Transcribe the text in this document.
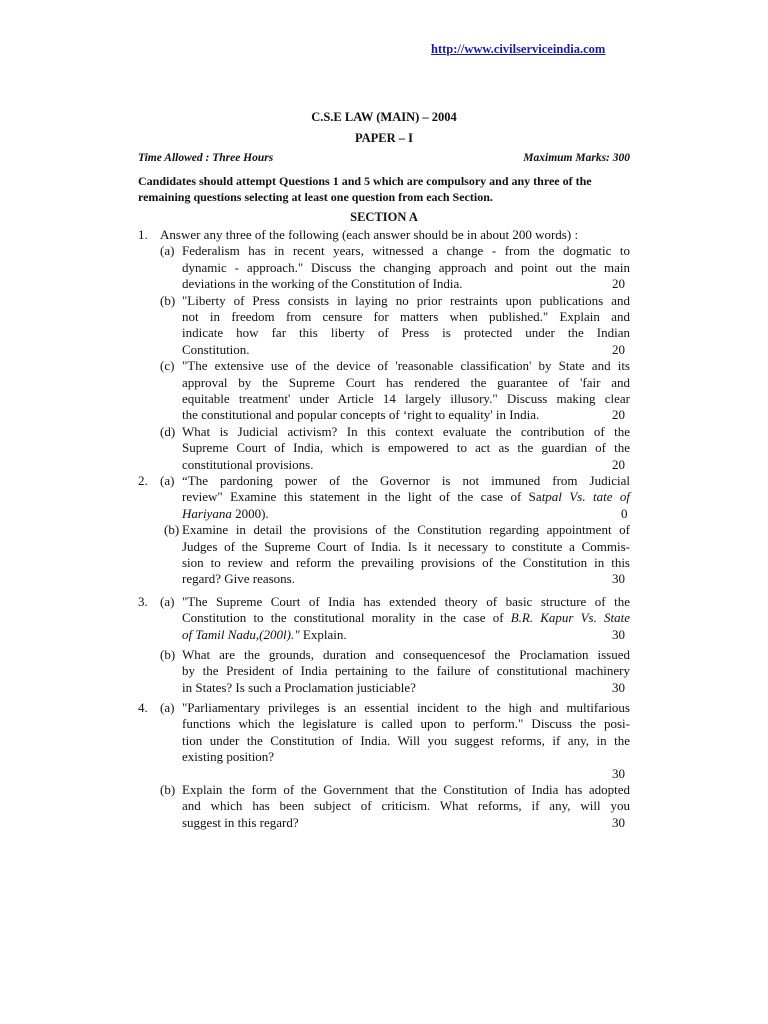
http://www.civilserviceindia.com
C.S.E LAW (MAIN) – 2004
PAPER – I
Time Allowed : Three Hours	Maximum Marks: 300
Candidates should attempt Questions 1 and 5 which are compulsory and any three of the remaining questions selecting at least one question from each Section.
SECTION A
1. Answer any three of the following (each answer should be in about 200 words) :
(a) Federalism has in recent years, witnessed a change - from the dogmatic to
dynamic - approach." Discuss the changing approach and point out the main
deviations in the working of the Constitution of India.	20
(b) "Liberty of Press consists in laying no prior restraints upon publications and
not in freedom from censure for matters when published." Explain and
indicate how far this liberty of Press is protected under the Indian
Constitution.	20
(c) "The extensive use of the device of 'reasonable classification' by State and its
approval by the Supreme Court has rendered the guarantee of 'fair and
equitable treatment' under Article 14 largely illusory." Discuss making clear
the constitutional and popular concepts of ‘right to equality' in India.	20
(d) What is Judicial activism? In this context evaluate the contribution of the
Supreme Court of India, which is empowered to act as the guardian of the
constitutional provisions.	20
2. (a) “The pardoning power of the Governor is not immuned from Judicial
review" Examine this statement in the light of the case of Satpal Vs. tate of
Hariyana 2000).	0
(b) Examine in detail the provisions of the Constitution regarding appointment of
Judges of the Supreme Court of India. Is it necessary to constitute a Commis-
sion to review and reform the prevailing provisions of the Constitution in this
regard? Give reasons.	30
3. (a) "The Supreme Court of India has extended theory of basic structure of the
Constitution to the constitutional morality in the case of B.R. Kapur Vs. State
of Tamil Nadu,(200l)." Explain.	30
(b) What are the grounds, duration and consequencesof the Proclamation issued
by the President of India pertaining to the failure of constitutional machinery
in States? Is such a Proclamation justiciable?	30
4. (a) "Parliamentary privileges is an essential incident to the high and multifarious
functions which the legislature is called upon to perform." Discuss the posi-
tion under the Constitution of India. Will you suggest reforms, if any, in the
existing position?
30
(b) Explain the form of the Government that the Constitution of India has adopted
and which has been subject of criticism. What reforms, if any, will you
suggest in this regard?	30
